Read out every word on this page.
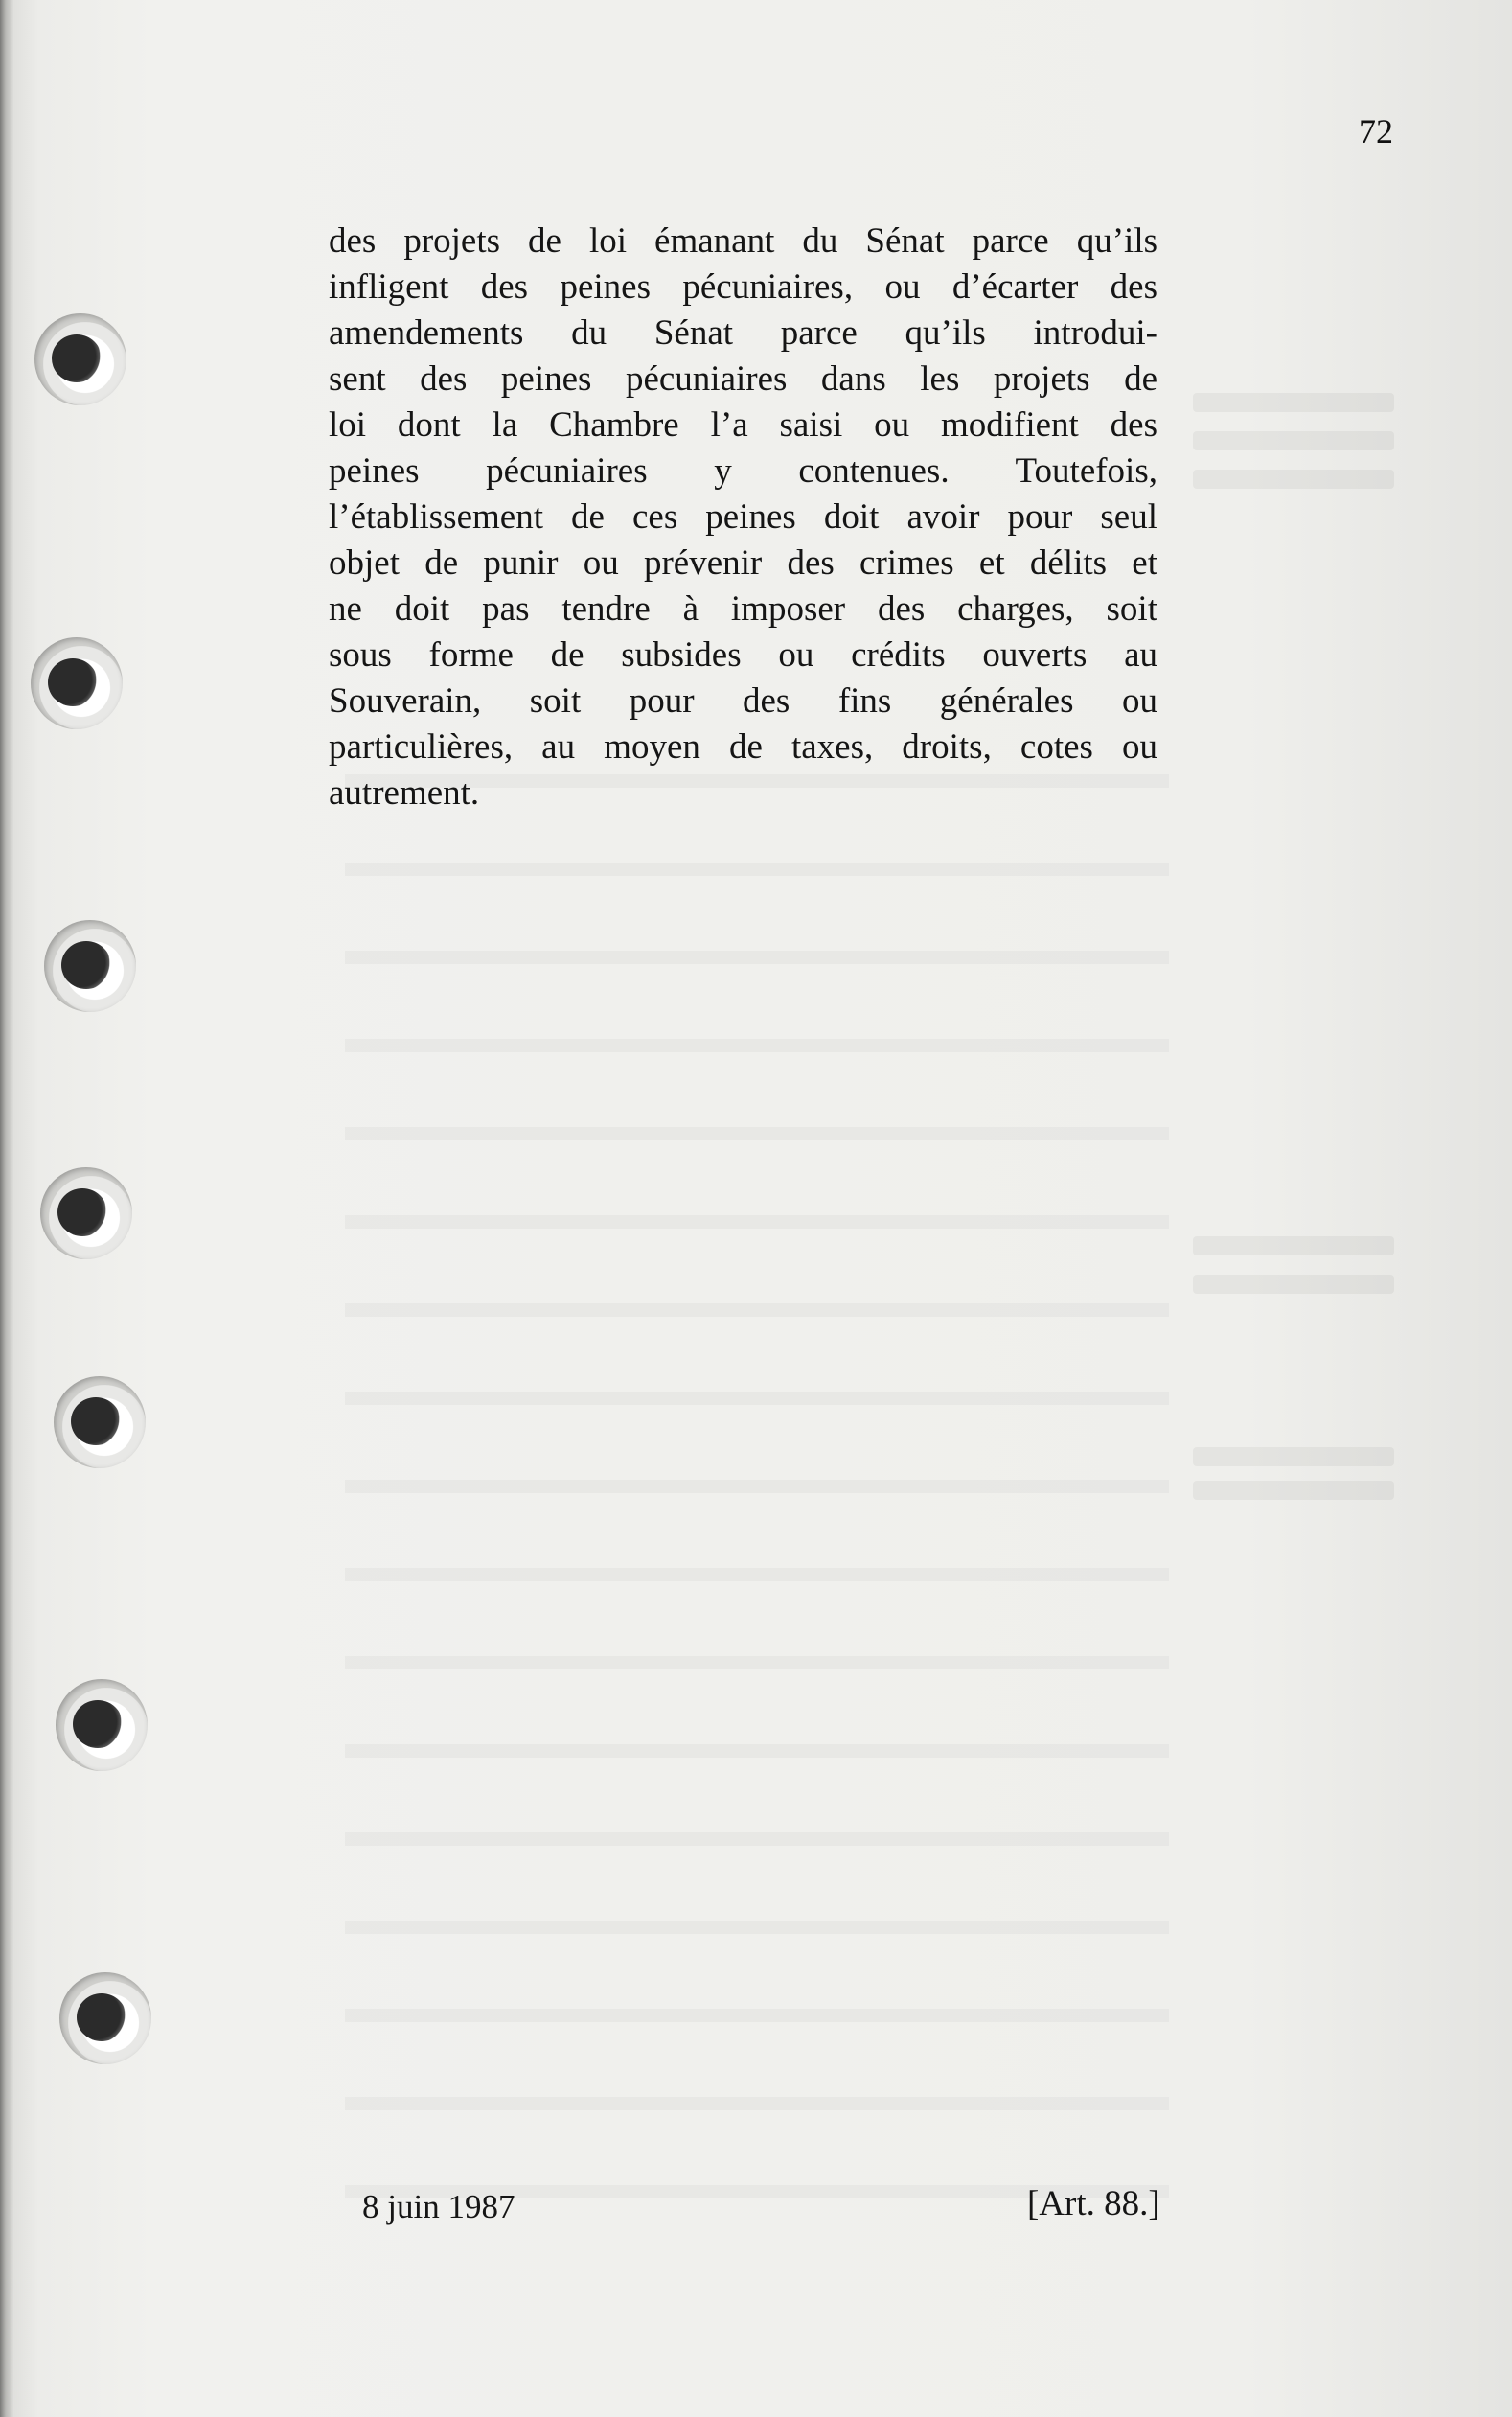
72
des projets de loi émanant du Sénat parce qu’ils
infligent des peines pécuniaires, ou d’écarter des
amendements du Sénat parce qu’ils introdui-
sent des peines pécuniaires dans les projets de
loi dont la Chambre l’a saisi ou modifient des
peines pécuniaires y contenues. Toutefois,
l’établissement de ces peines doit avoir pour seul
objet de punir ou prévenir des crimes et délits et
ne doit pas tendre à imposer des charges, soit
sous forme de subsides ou crédits ouverts au
Souverain, soit pour des fins générales ou
particulières, au moyen de taxes, droits, cotes ou
autrement.
8 juin 1987	[Art. 88.]
